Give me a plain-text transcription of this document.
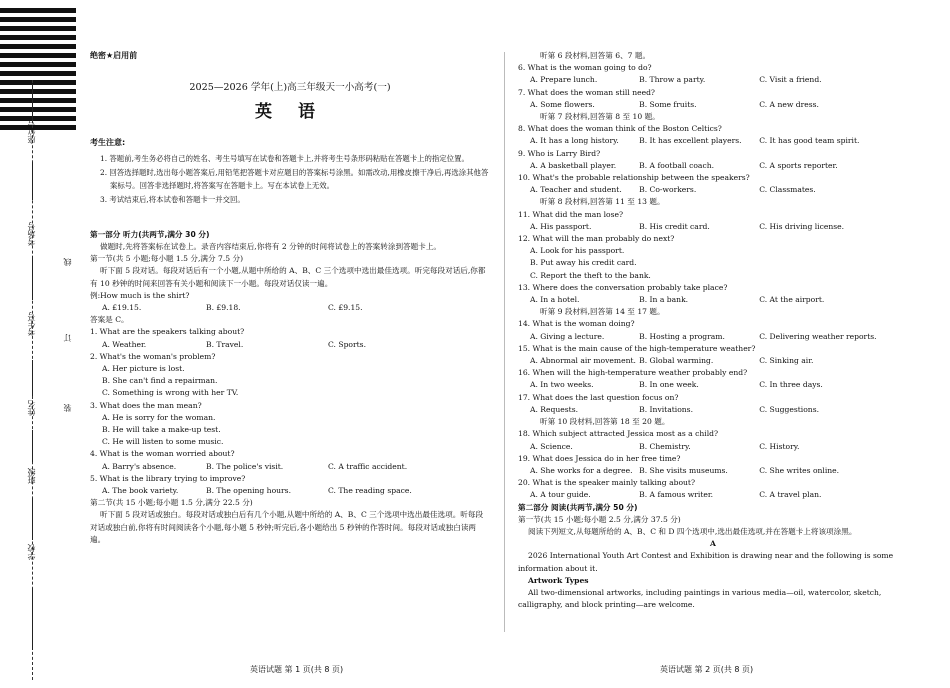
座位号
考场号
考生号
姓名
班级
学校
线
订
装
绝密★启用前
2025—2026 学年(上)高三年级天一小高考(一)
英 语
考生注意:
1. 答题前,考生务必将自己的姓名、考生号填写在试卷和答题卡上,并将考生号条形码粘贴在答题卡上的指定位置。
2. 回答选择题时,选出每小题答案后,用铅笔把答题卡对应题目的答案标号涂黑。如需改动,用橡皮擦干净后,再选涂其他答案标号。回答非选择题时,将答案写在答题卡上。写在本试卷上无效。
3. 考试结束后,将本试卷和答题卡一并交回。
第一部分 听力(共两节,满分 30 分)
做题时,先将答案标在试卷上。录音内容结束后,你将有 2 分钟的时间将试卷上的答案转涂到答题卡上。
第一节(共 5 小题;每小题 1.5 分,满分 7.5 分)
听下面 5 段对话。每段对话后有一个小题,从题中所给的 A、B、C 三个选项中选出最佳选项。听完每段对话后,你都有 10 秒钟的时间来回答有关小题和阅读下一小题。每段对话仅读一遍。
例:How much is the shirt?
A. £19.15.	B. £9.18.	C. £9.15.
答案是 C。
1. What are the speakers talking about?
A. Weather.	B. Travel.	C. Sports.
2. What's the woman's problem?
A. Her picture is lost.
B. She can't find a repairman.
C. Something is wrong with her TV.
3. What does the man mean?
A. He is sorry for the woman.
B. He will take a make-up test.
C. He will listen to some music.
4. What is the woman worried about?
A. Barry's absence.	B. The police's visit.	C. A traffic accident.
5. What is the library trying to improve?
A. The book variety.	B. The opening hours.	C. The reading space.
第二节(共 15 小题;每小题 1.5 分,满分 22.5 分)
听下面 5 段对话或独白。每段对话或独白后有几个小题,从题中所给的 A、B、C 三个选项中选出最佳选项。听每段对话或独白前,你将有时间阅读各个小题,每小题 5 秒钟;听完后,各小题给出 5 秒钟的作答时间。每段对话或独白读两遍。
英语试题 第 1 页(共 8 页)
听第 6 段材料,回答第 6、7 题。
6. What is the woman going to do?
A. Prepare lunch.	B. Throw a party.	C. Visit a friend.
7. What does the woman still need?
A. Some flowers.	B. Some fruits.	C. A new dress.
听第 7 段材料,回答第 8 至 10 题。
8. What does the woman think of the Boston Celtics?
A. It has a long history.	B. It has excellent players.	C. It has good team spirit.
9. Who is Larry Bird?
A. A basketball player.	B. A football coach.	C. A sports reporter.
10. What's the probable relationship between the speakers?
A. Teacher and student.	B. Co-workers.	C. Classmates.
听第 8 段材料,回答第 11 至 13 题。
11. What did the man lose?
A. His passport.	B. His credit card.	C. His driving license.
12. What will the man probably do next?
A. Look for his passport.
B. Put away his credit card.
C. Report the theft to the bank.
13. Where does the conversation probably take place?
A. In a hotel.	B. In a bank.	C. At the airport.
听第 9 段材料,回答第 14 至 17 题。
14. What is the woman doing?
A. Giving a lecture.	B. Hosting a program.	C. Delivering weather reports.
15. What is the main cause of the high-temperature weather?
A. Abnormal air movement. B. Global warming.	C. Sinking air.
16. When will the high-temperature weather probably end?
A. In two weeks.	B. In one week.	C. In three days.
17. What does the last question focus on?
A. Requests.	B. Invitations.	C. Suggestions.
听第 10 段材料,回答第 18 至 20 题。
18. Which subject attracted Jessica most as a child?
A. Science.	B. Chemistry.	C. History.
19. What does Jessica do in her free time?
A. She works for a degree. B. She visits museums.	C. She writes online.
20. What is the speaker mainly talking about?
A. A tour guide.	B. A famous writer.	C. A travel plan.
第二部分 阅读(共两节,满分 50 分)
第一节(共 15 小题;每小题 2.5 分,满分 37.5 分)
阅读下列短文,从每题所给的 A、B、C 和 D 四个选项中,选出最佳选项,并在答题卡上将该项涂黑。
A
2026 International Youth Art Contest and Exhibition is drawing near and the following is some information about it.
Artwork Types
All two-dimensional artworks, including paintings in various media—oil, watercolor, sketch, calligraphy, and block printing—are welcome.
英语试题 第 2 页(共 8 页)
